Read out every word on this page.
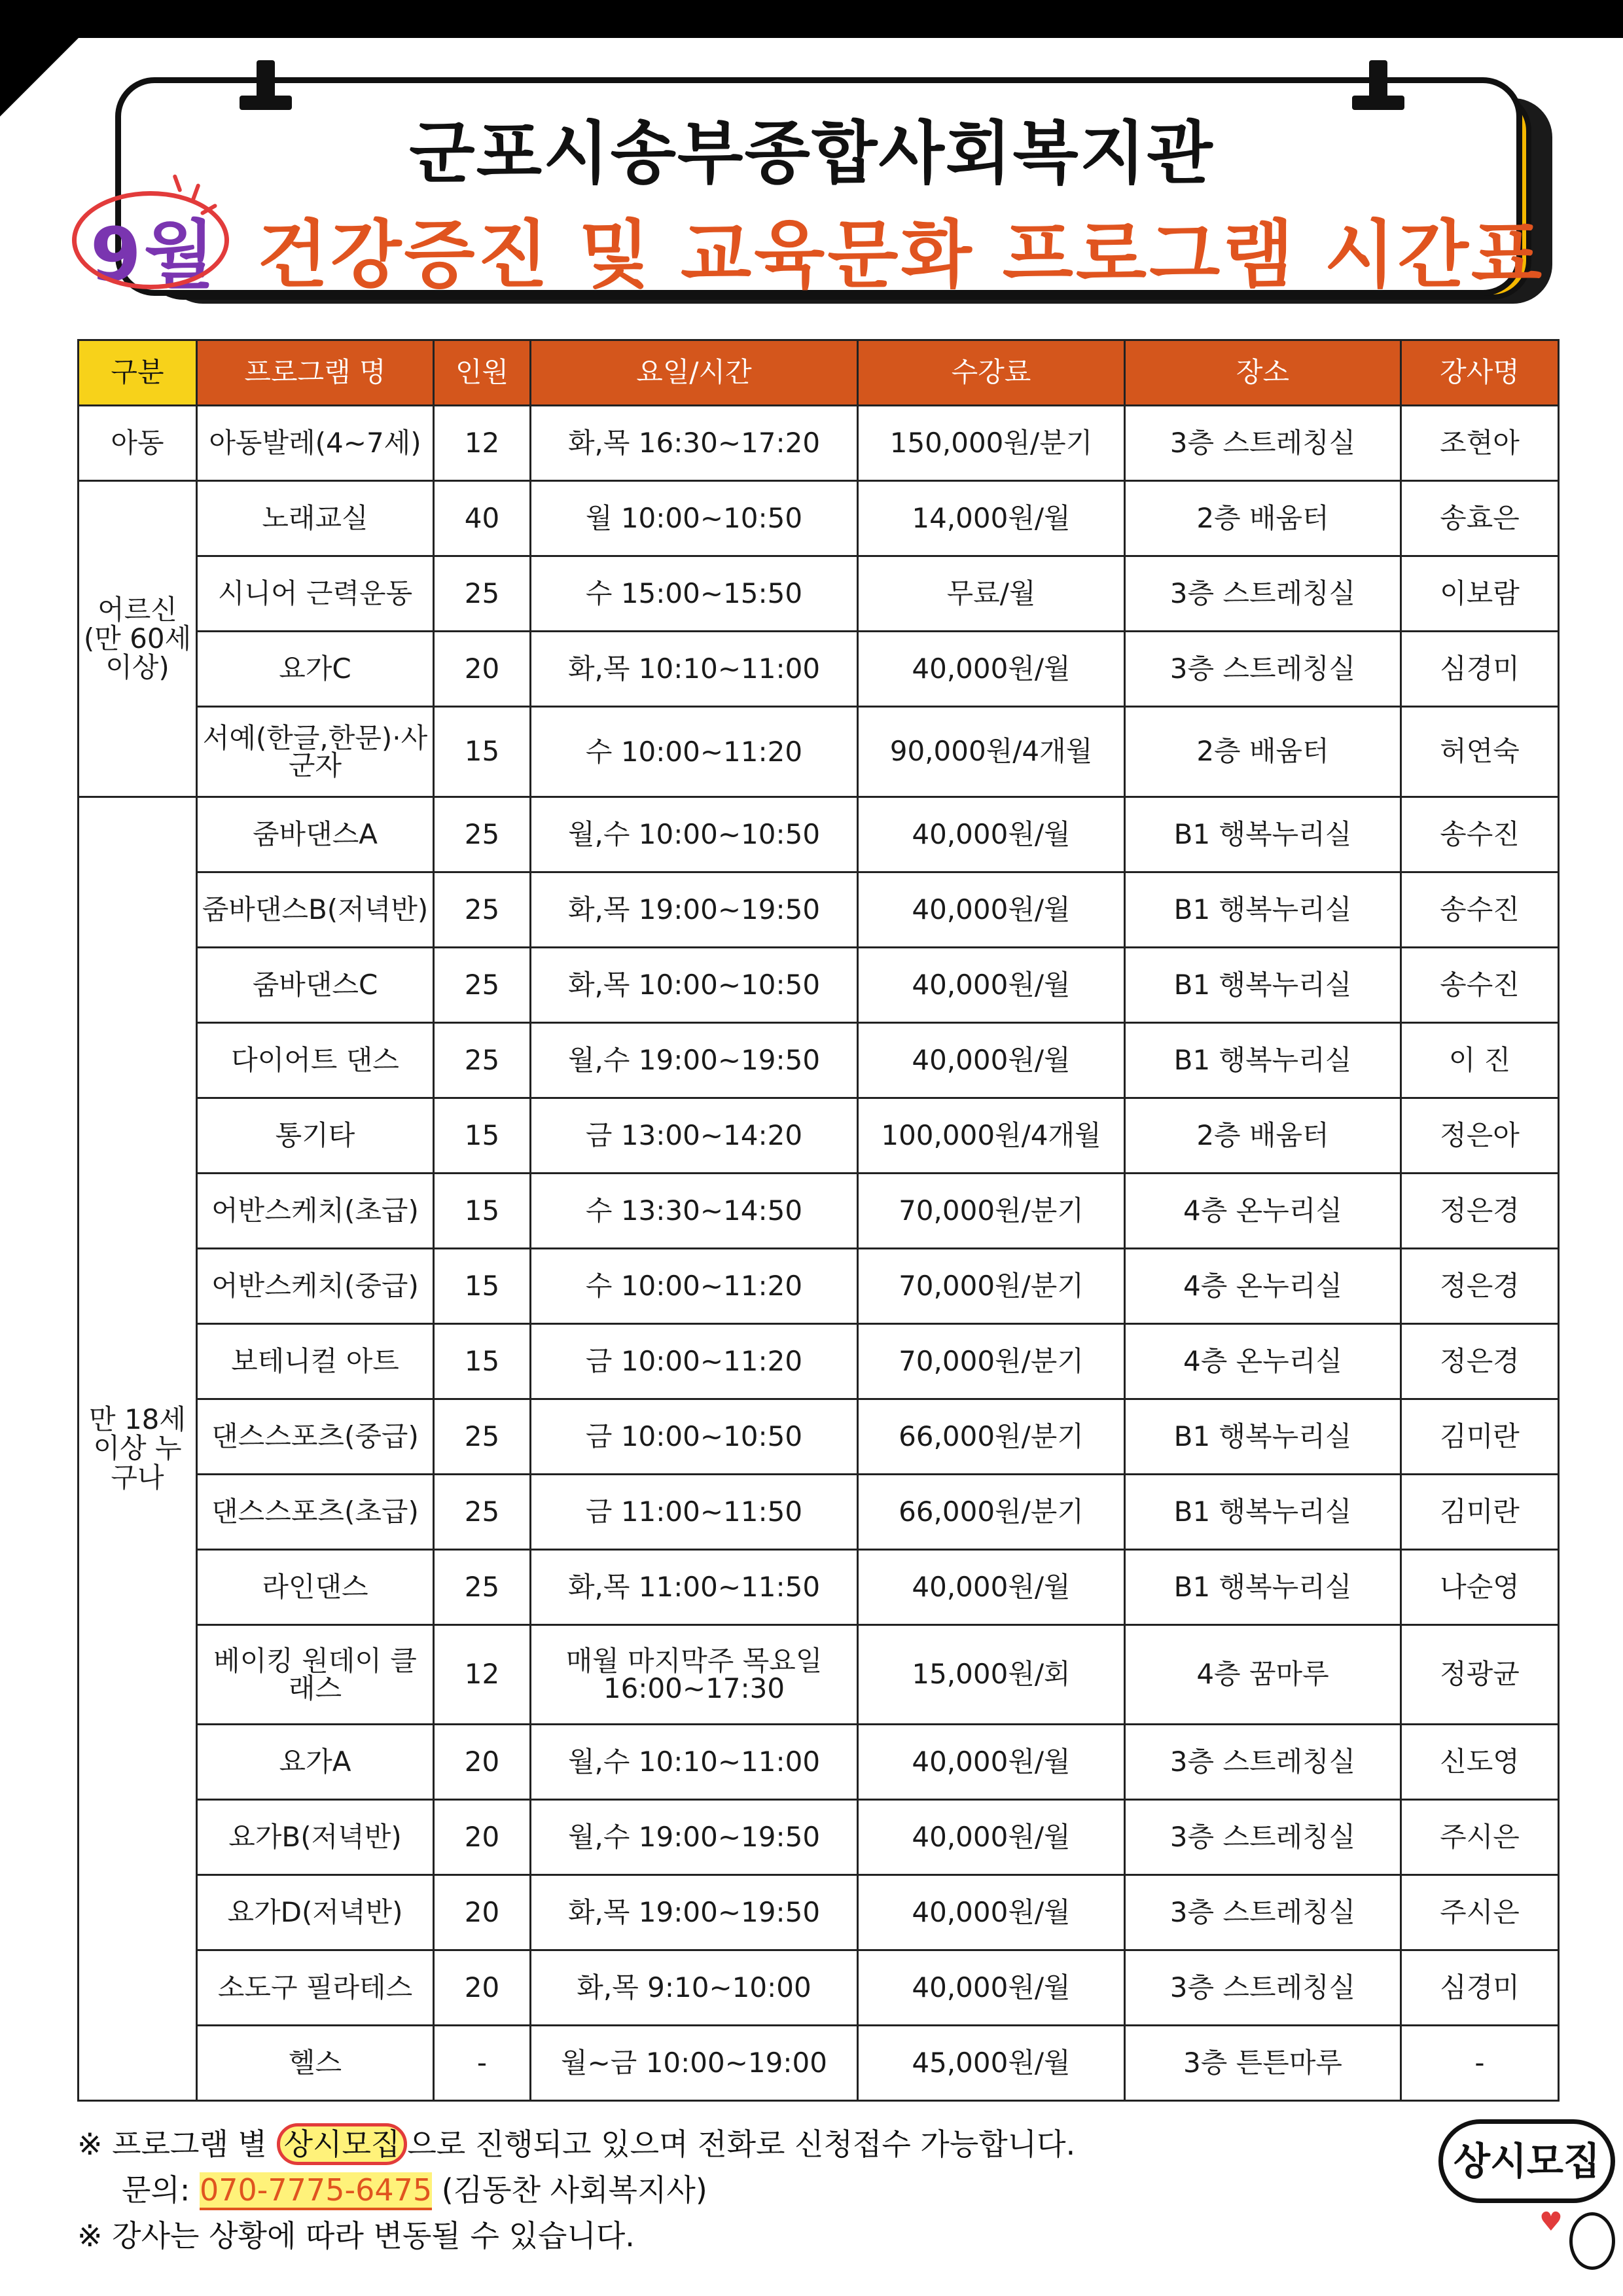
군포시송부종합사회복지관
9월 건강증진 및 교육문화 프로그램 시간표
구분	프로그램 명	인원	요일/시간	수강료	장소	강사명
아동	아동발레(4~7세)	12	화,목 16:30~17:20	150,000원/분기	3층 스트레칭실	조현아
어르신 (만 60세 이상)	노래교실	40	월 10:00~10:50	14,000원/월	2층 배움터	송효은
	시니어 근력운동	25	수 15:00~15:50	무료/월	3층 스트레칭실	이보람
	요가C	20	화,목 10:10~11:00	40,000원/월	3층 스트레칭실	심경미
	서예(한글,한문)·사군자	15	수 10:00~11:20	90,000원/4개월	2층 배움터	허연숙
만 18세 이상 누구나	줌바댄스A	25	월,수 10:00~10:50	40,000원/월	B1 행복누리실	송수진
	줌바댄스B(저녁반)	25	화,목 19:00~19:50	40,000원/월	B1 행복누리실	송수진
	줌바댄스C	25	화,목 10:00~10:50	40,000원/월	B1 행복누리실	송수진
	다이어트 댄스	25	월,수 19:00~19:50	40,000원/월	B1 행복누리실	이 진
	통기타	15	금 13:00~14:20	100,000원/4개월	2층 배움터	정은아
	어반스케치(초급)	15	수 13:30~14:50	70,000원/분기	4층 온누리실	정은경
	어반스케치(중급)	15	수 10:00~11:20	70,000원/분기	4층 온누리실	정은경
	보테니컬 아트	15	금 10:00~11:20	70,000원/분기	4층 온누리실	정은경
	댄스스포츠(중급)	25	금 10:00~10:50	66,000원/분기	B1 행복누리실	김미란
	댄스스포츠(초급)	25	금 11:00~11:50	66,000원/분기	B1 행복누리실	김미란
	라인댄스	25	화,목 11:00~11:50	40,000원/월	B1 행복누리실	나순영
	베이킹 원데이 클래스	12	매월 마지막주 목요일 16:00~17:30	15,000원/회	4층 꿈마루	정광균
	요가A	20	월,수 10:10~11:00	40,000원/월	3층 스트레칭실	신도영
	요가B(저녁반)	20	월,수 19:00~19:50	40,000원/월	3층 스트레칭실	주시은
	요가D(저녁반)	20	화,목 19:00~19:50	40,000원/월	3층 스트레칭실	주시은
	소도구 필라테스	20	화,목 9:10~10:00	40,000원/월	3층 스트레칭실	심경미
	헬스	-	월~금 10:00~19:00	45,000원/월	3층 튼튼마루	-
※ 프로그램 별 상시모집 으로 진행되고 있으며 전화로 신청접수 가능합니다.
문의: 070-7775-6475 (김동찬 사회복지사)
※ 강사는 상황에 따라 변동될 수 있습니다.
상시모집
♥
